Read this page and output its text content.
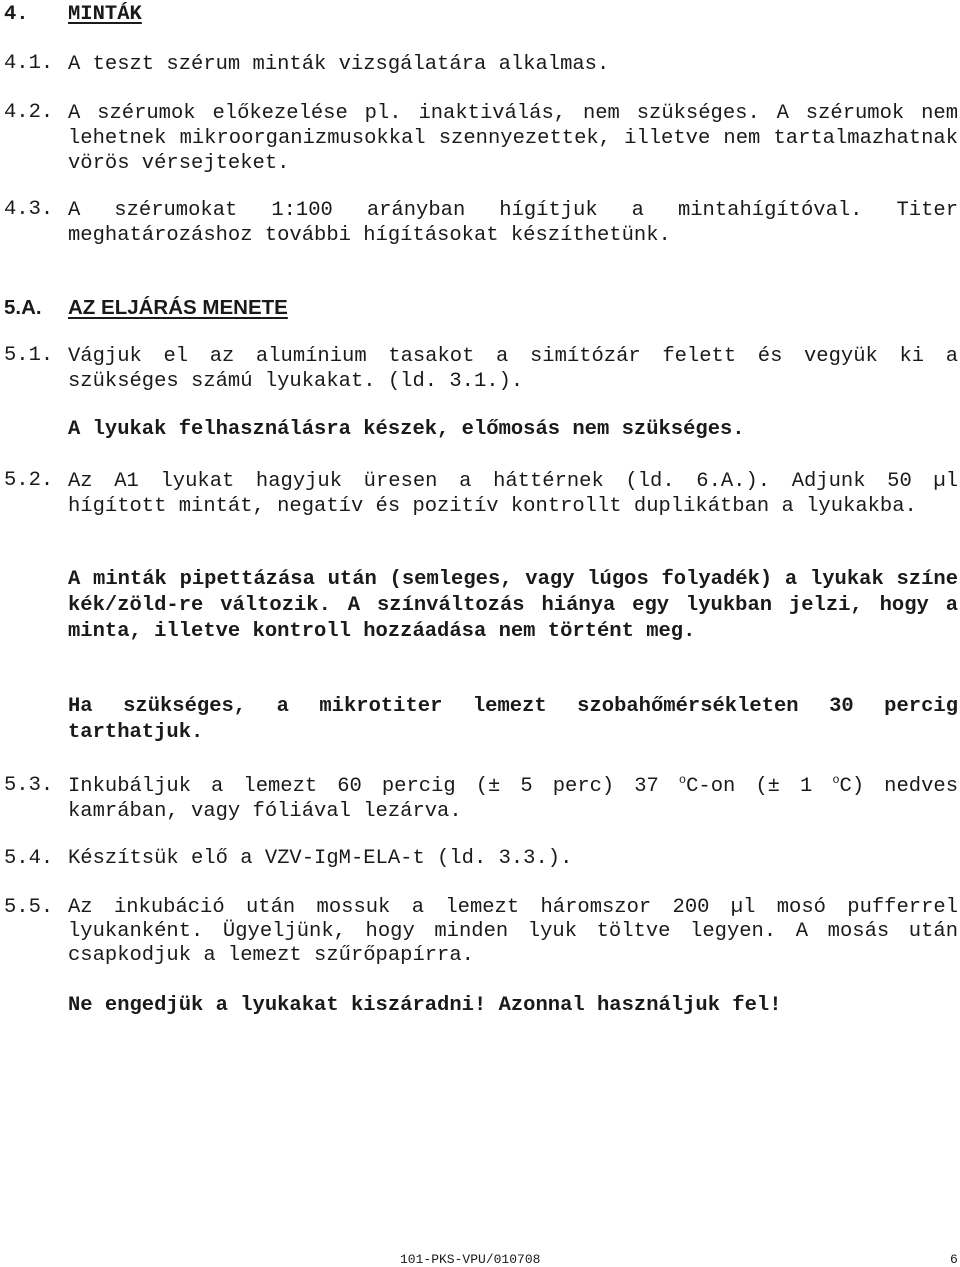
4. MINTÁK
4.1. A teszt szérum minták vizsgálatára alkalmas.
4.2. A szérumok előkezelése pl. inaktiválás, nem szükséges. A szérumok nem lehetnek mikroorganizmusokkal szennyezettek, illetve nem tartalmazhatnak vörös vérsejteket.
4.3. A szérumokat 1:100 arányban hígítjuk a mintahígítóval. Titer meghatározáshoz további hígításokat készíthetünk.
5.A. AZ ELJÁRÁS MENETE
5.1. Vágjuk el az alumínium tasakot a simítózár felett és vegyük ki a szükséges számú lyukakat. (ld. 3.1.).
A lyukak felhasználásra készek, előmosás nem szükséges.
5.2. Az A1 lyukat hagyjuk üresen a háttérnek (ld. 6.A.). Adjunk 50 µl hígított mintát, negatív és pozitív kontrollt duplikátban a lyukakba.
A minták pipettázása után (semleges, vagy lúgos folyadék) a lyukak színe kék/zöld-re változik. A színváltozás hiánya egy lyukban jelzi, hogy a minta, illetve kontroll hozzáadása nem történt meg.
Ha szükséges, a mikrotiter lemezt szobahőmérsékleten 30 percig tarthatjuk.
5.3. Inkubáljuk a lemezt 60 percig (± 5 perc) 37 $^o$C-on (± 1 $^o$C) nedves kamrában, vagy fóliával lezárva.
5.4. Készítsük elő a VZV-IgM-ELA-t (ld. 3.3.).
5.5. Az inkubáció után mossuk a lemezt háromszor 200 µl mosó pufferrel lyukanként. Ügyeljünk, hogy minden lyuk töltve legyen. A mosás után csapkodjuk a lemezt szűrőpapírra.
Ne engedjük a lyukakat kiszáradni! Azonnal használjuk fel!
101-PKS-VPU/010708	6
